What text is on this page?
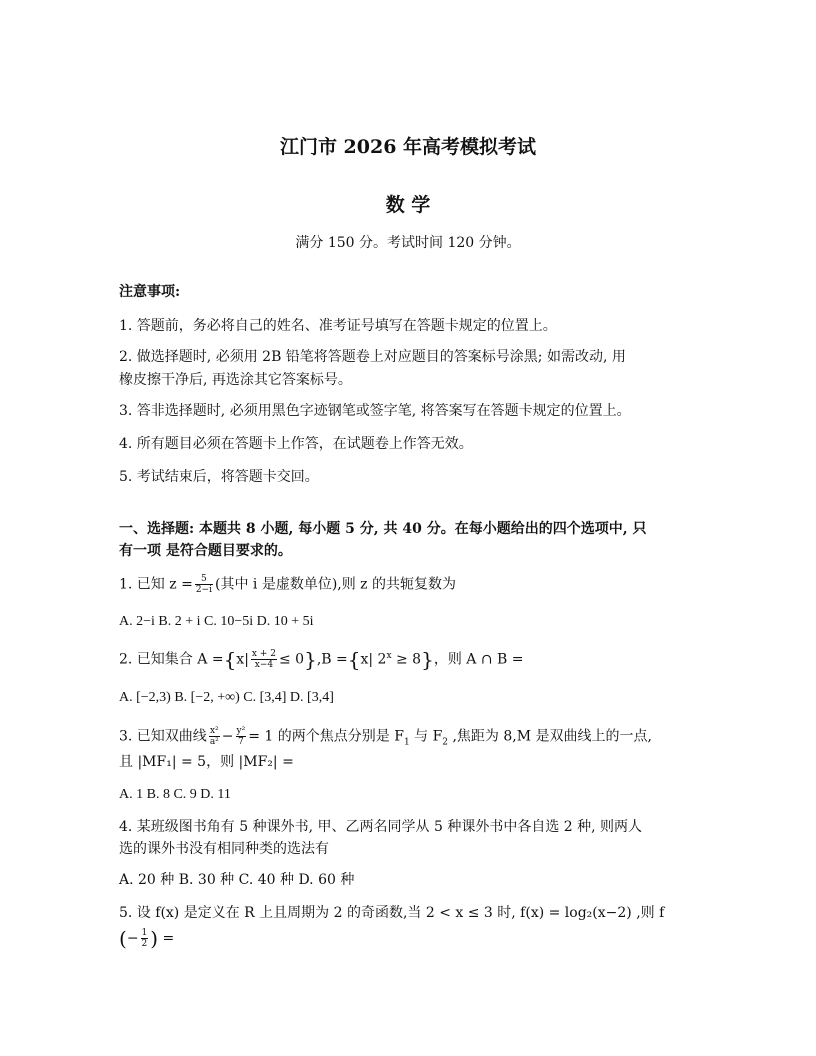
江门市 2026 年高考模拟考试
数 学
满分 150 分。考试时间 120 分钟。
注意事项:
1. 答题前，务必将自己的姓名、准考证号填写在答题卡规定的位置上。
2. 做选择题时, 必须用 2B 铅笔将答题卷上对应题目的答案标号涂黑; 如需改动, 用
橡皮擦干净后, 再选涂其它答案标号。
3. 答非选择题时, 必须用黑色字迹钢笔或签字笔, 将答案写在答题卡规定的位置上。
4. 所有题目必须在答题卡上作答，在试题卷上作答无效。
5. 考试结束后，将答题卡交回。
一、选择题: 本题共 8 小题, 每小题 5 分, 共 40 分。在每小题给出的四个选项中, 只
有一项 是符合题目要求的。
1. 已知 $z = \frac{5}{2-i}$ (其中 i 是虚数单位),则 z 的共轭复数为
A. 2−i B. 2 + i C. 10−5i D. 10 + 5i
2. 已知集合 $A =\{x| \frac{x + 2}{x-4} \le 0\},B =\{x|$ $2^x \ge 8$}，则 A ∩ B =
A. [−2,3) B. [−2, +∞) C. [3,4] D. [3,4]
3. 已知双曲线 $\frac{\text{x²}}{\text{a²}} - \frac{\text{y²}}{7} = 1$ 的两个焦点分别是 $F_1$ 与 $F_2$ ,焦距为 8,M 是双曲线上的一点,
且 |MF₁| = 5，则 |MF₂| =
A. 1 B. 8 C. 9 D. 11
4. 某班级图书角有 5 种课外书, 甲、乙两名同学从 5 种课外书中各自选 2 种, 则两人
选的课外书没有相同种类的选法有
A. 20 种 B. 30 种 C. 40 种 D. 60 种
5. 设 f(x) 是定义在 R 上且周期为 2 的奇函数,当 2 < x ≤ 3 时, f(x) = log₂(x−2) ,则 f
(− $\frac{1}{2}$ ) =
